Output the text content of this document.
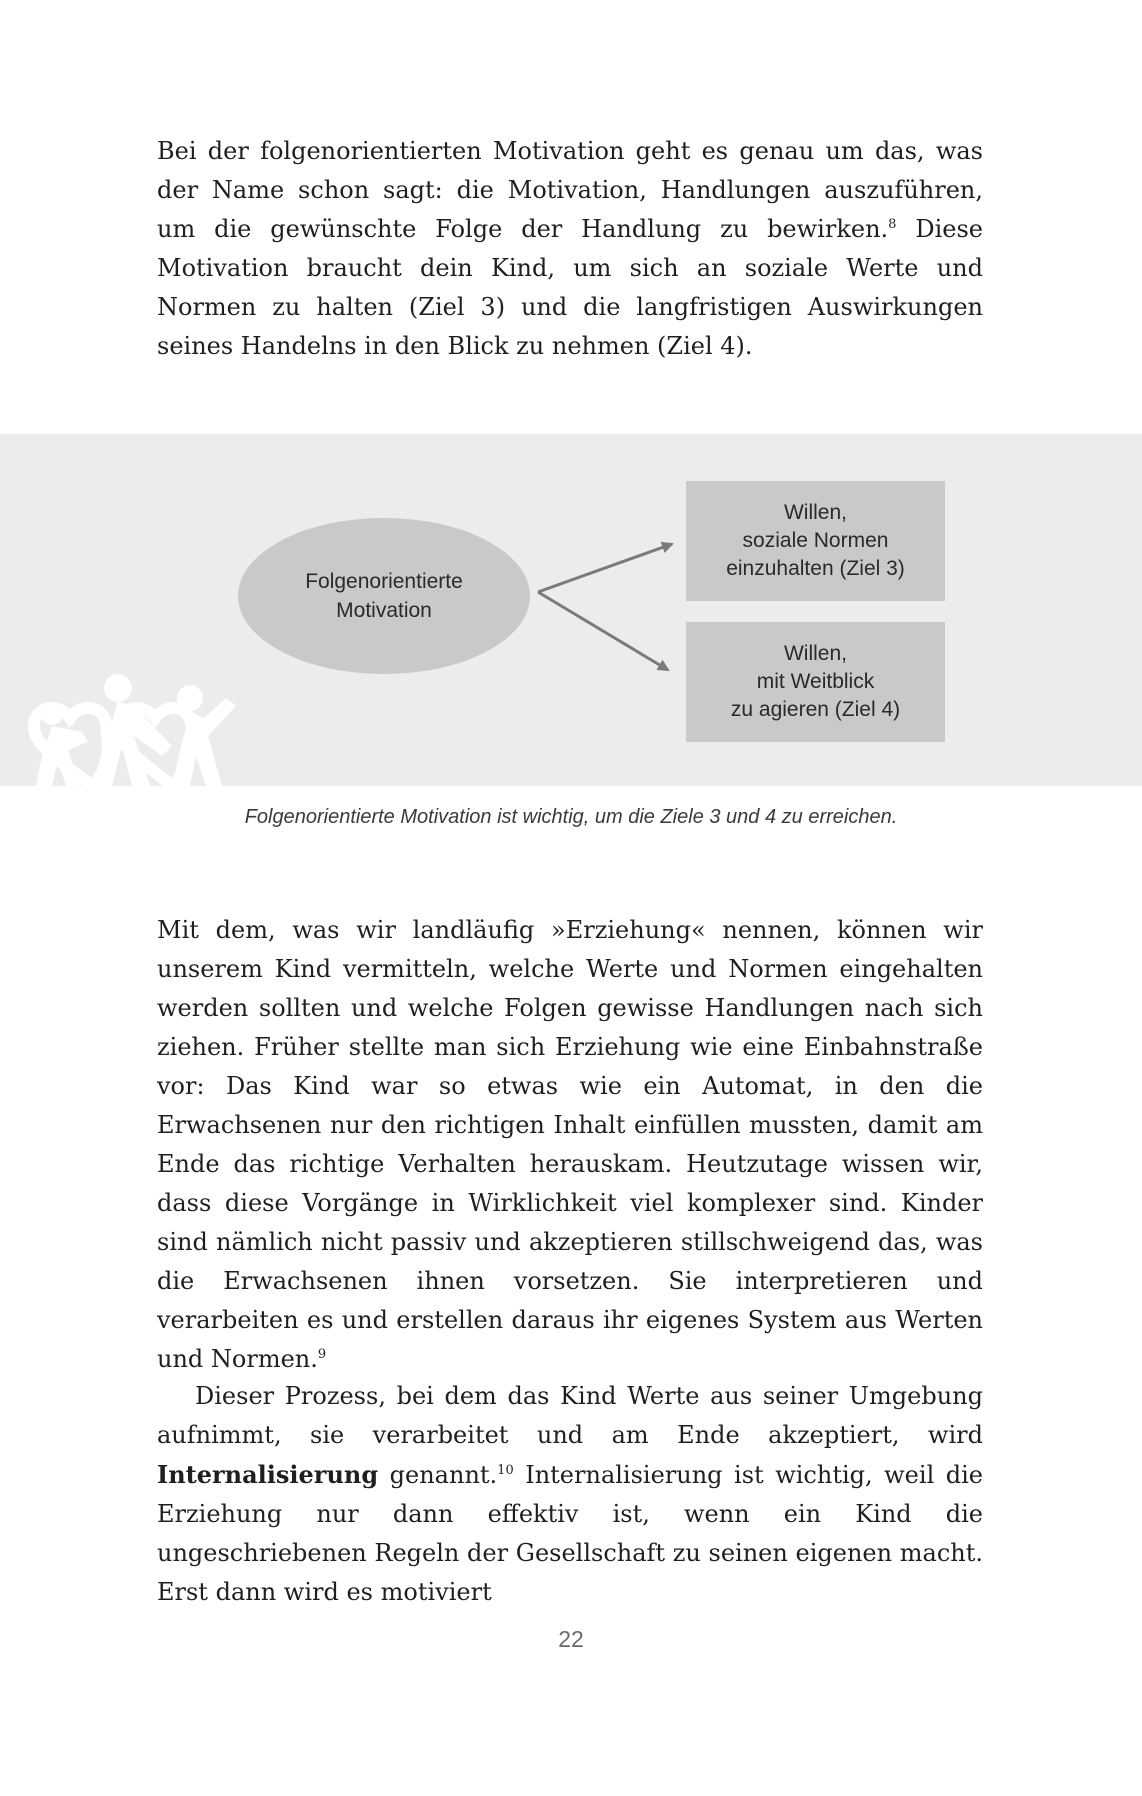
Bei der folgenorientierten Motivation geht es genau um das, was der Name schon sagt: die Motivation, Handlungen auszuführen, um die gewünschte Folge der Handlung zu bewirken.$^8$ Diese Motivation braucht dein Kind, um sich an soziale Werte und Normen zu halten (Ziel 3) und die langfristigen Auswirkungen seines Handelns in den Blick zu nehmen (Ziel 4).

Folgenorientierte
Motivation
Willen,
soziale Normen
einzuhalten (Ziel 3)
Willen,
mit Weitblick
zu agieren (Ziel 4)
Folgenorientierte Motivation ist wichtig, um die Ziele 3 und 4 zu erreichen.

Mit dem, was wir landläufig »Erziehung« nennen, können wir unserem Kind vermitteln, welche Werte und Normen eingehalten werden sollten und welche Folgen gewisse Handlungen nach sich ziehen. Früher stellte man sich Erziehung wie eine Einbahnstraße vor: Das Kind war so etwas wie ein Automat, in den die Erwachsenen nur den richtigen Inhalt einfüllen mussten, damit am Ende das richtige Verhalten herauskam. Heutzutage wissen wir, dass diese Vorgänge in Wirklichkeit viel komplexer sind. Kinder sind nämlich nicht passiv und akzeptieren stillschweigend das, was die Erwachsenen ihnen vorsetzen. Sie interpretieren und verarbeiten es und erstellen daraus ihr eigenes System aus Werten und Normen.$^9$

Dieser Prozess, bei dem das Kind Werte aus seiner Umgebung aufnimmt, sie verarbeitet und am Ende akzeptiert, wird Internalisierung genannt.$^{10}$ Internalisierung ist wichtig, weil die Erziehung nur dann effektiv ist, wenn ein Kind die ungeschriebenen Regeln der Gesellschaft zu seinen eigenen macht. Erst dann wird es motiviert

22
